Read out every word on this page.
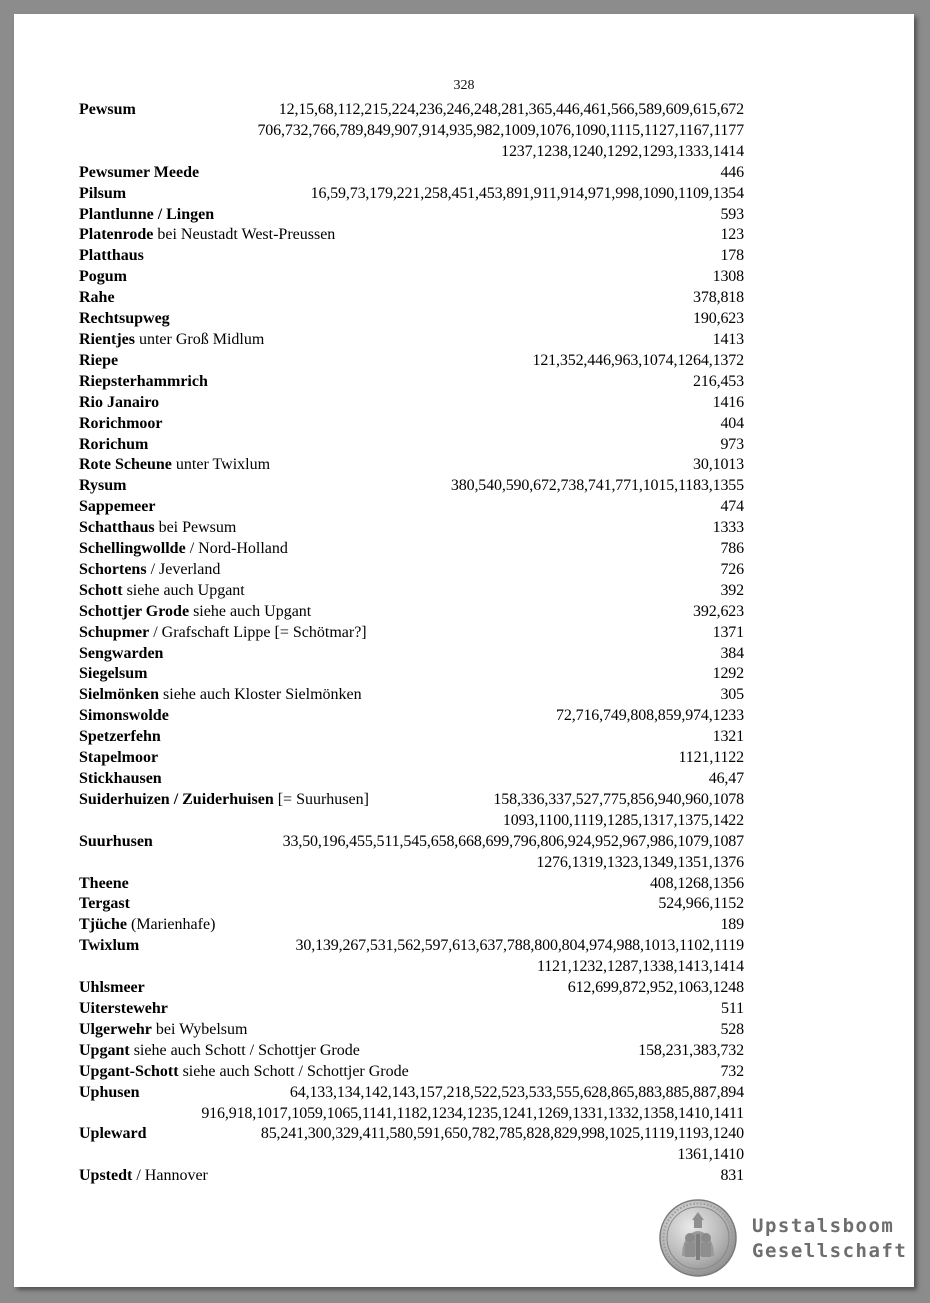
328
Pewsum	12,15,68,112,215,224,236,246,248,281,365,446,461,566,589,609,615,672
706,732,766,789,849,907,914,935,982,1009,1076,1090,1115,1127,1167,1177
1237,1238,1240,1292,1293,1333,1414
Pewsumer Meede	446
Pilsum	16,59,73,179,221,258,451,453,891,911,914,971,998,1090,1109,1354
Plantlunne / Lingen	593
Platenrode bei Neustadt West-Preussen	123
Platthaus	178
Pogum	1308
Rahe	378,818
Rechtsupweg	190,623
Rientjes unter Groß Midlum	1413
Riepe	121,352,446,963,1074,1264,1372
Riepsterhammrich	216,453
Rio Janairo	1416
Rorichmoor	404
Rorichum	973
Rote Scheune unter Twixlum	30,1013
Rysum	380,540,590,672,738,741,771,1015,1183,1355
Sappemeer	474
Schatthaus bei Pewsum	1333
Schellingwollde / Nord-Holland	786
Schortens / Jeverland	726
Schott siehe auch Upgant	392
Schottjer Grode siehe auch Upgant	392,623
Schupmer / Grafschaft Lippe [= Schötmar?]	1371
Sengwarden	384
Siegelsum	1292
Sielmönken siehe auch Kloster Sielmönken	305
Simonswolde	72,716,749,808,859,974,1233
Spetzerfehn	1321
Stapelmoor	1121,1122
Stickhausen	46,47
Suiderhuizen / Zuiderhuisen [= Suurhusen]	158,336,337,527,775,856,940,960,1078
1093,1100,1119,1285,1317,1375,1422
Suurhusen	33,50,196,455,511,545,658,668,699,796,806,924,952,967,986,1079,1087
1276,1319,1323,1349,1351,1376
Theene	408,1268,1356
Tergast	524,966,1152
Tjüche (Marienhafe)	189
Twixlum	30,139,267,531,562,597,613,637,788,800,804,974,988,1013,1102,1119
1121,1232,1287,1338,1413,1414
Uhlsmeer	612,699,872,952,1063,1248
Uiterstewehr	511
Ulgerwehr bei Wybelsum	528
Upgant siehe auch Schott / Schottjer Grode	158,231,383,732
Upgant-Schott siehe auch Schott / Schottjer Grode	732
Uphusen	64,133,134,142,143,157,218,522,523,533,555,628,865,883,885,887,894
916,918,1017,1059,1065,1141,1182,1234,1235,1241,1269,1331,1332,1358,1410,1411
Upleward	85,241,300,329,411,580,591,650,782,785,828,829,998,1025,1119,1193,1240
1361,1410
Upstedt / Hannover	831
Upstalsboom
Gesellschaft
